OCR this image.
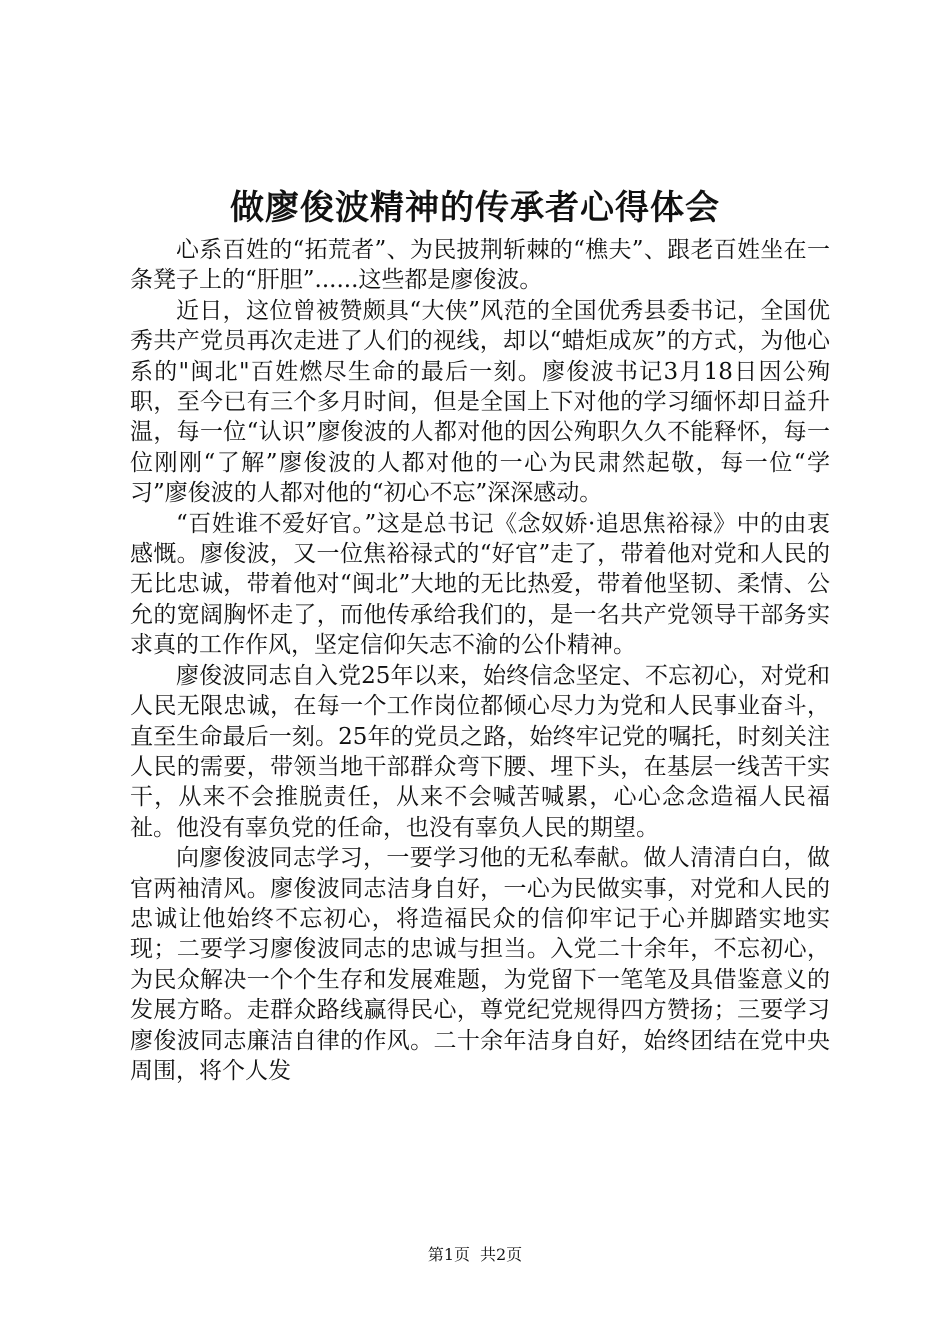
做廖俊波精神的传承者心得体会

心系百姓的“拓荒者”、为民披荆斩棘的“樵夫”、跟老百姓坐在一条凳子上的“肝胆”......这些都是廖俊波。

近日，这位曾被赞颇具“大侠”风范的全国优秀县委书记，全国优秀共产党员再次走进了人们的视线，却以“蜡炬成灰”的方式，为他心系的"闽北"百姓燃尽生命的最后一刻。廖俊波书记3月18日因公殉职，至今已有三个多月时间，但是全国上下对他的学习缅怀却日益升温，每一位“认识”廖俊波的人都对他的因公殉职久久不能释怀，每一位刚刚“了解”廖俊波的人都对他的一心为民肃然起敬，每一位“学习”廖俊波的人都对他的“初心不忘”深深感动。

“百姓谁不爱好官。”这是总书记《念奴娇·追思焦裕禄》中的由衷感慨。廖俊波，又一位焦裕禄式的“好官”走了，带着他对党和人民的无比忠诚，带着他对“闽北”大地的无比热爱，带着他坚韧、柔情、公允的宽阔胸怀走了，而他传承给我们的，是一名共产党领导干部务实求真的工作作风，坚定信仰矢志不渝的公仆精神。

廖俊波同志自入党25年以来，始终信念坚定、不忘初心，对党和人民无限忠诚，在每一个工作岗位都倾心尽力为党和人民事业奋斗，直至生命最后一刻。25年的党员之路，始终牢记党的嘱托，时刻关注人民的需要，带领当地干部群众弯下腰、埋下头，在基层一线苦干实干，从来不会推脱责任，从来不会喊苦喊累，心心念念造福人民福祉。他没有辜负党的任命，也没有辜负人民的期望。

向廖俊波同志学习，一要学习他的无私奉献。做人清清白白，做官两袖清风。廖俊波同志洁身自好，一心为民做实事，对党和人民的忠诚让他始终不忘初心，将造福民众的信仰牢记于心并脚踏实地实现；二要学习廖俊波同志的忠诚与担当。入党二十余年，不忘初心，为民众解决一个个生存和发展难题，为党留下一笔笔及具借鉴意义的发展方略。走群众路线赢得民心，尊党纪党规得四方赞扬；三要学习廖俊波同志廉洁自律的作风。二十余年洁身自好，始终团结在党中央周围，将个人发

第1页 共2页
